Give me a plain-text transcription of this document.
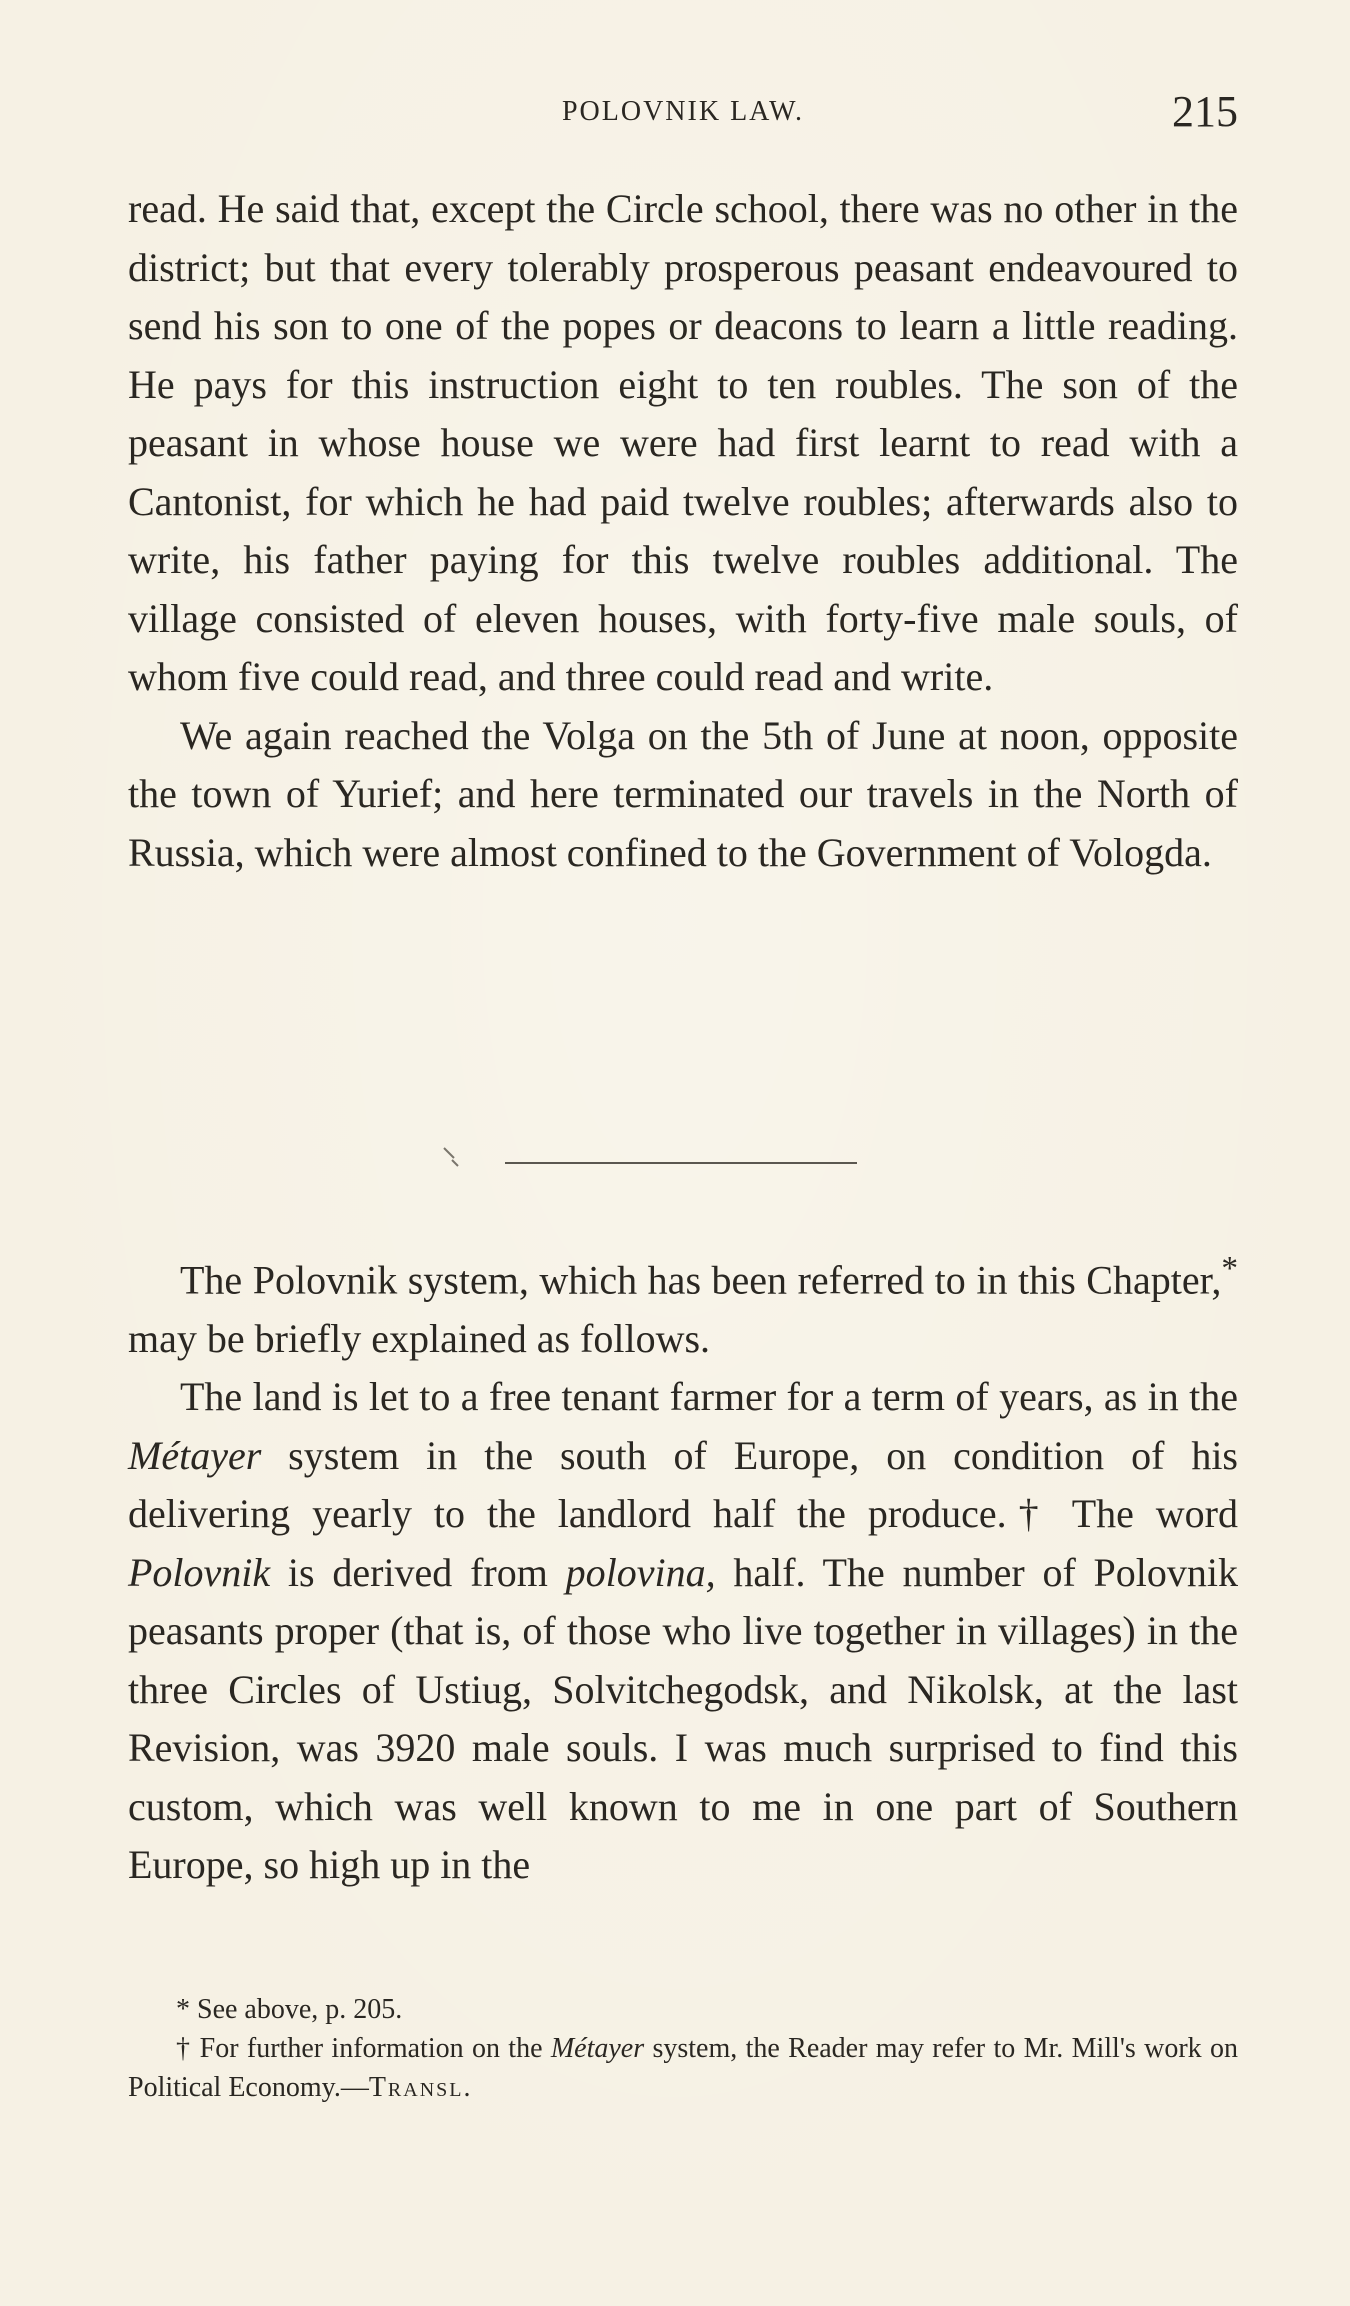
POLOVNIK LAW.	215

read. He said that, except the Circle school, there was no other in the district; but that every tolerably prosperous peasant endeavoured to send his son to one of the popes or deacons to learn a little reading. He pays for this instruction eight to ten roubles. The son of the peasant in whose house we were had first learnt to read with a Cantonist, for which he had paid twelve roubles; afterwards also to write, his father paying for this twelve roubles additional. The village consisted of eleven houses, with forty-five male souls, of whom five could read, and three could read and write.

We again reached the Volga on the 5th of June at noon, opposite the town of Yurief; and here terminated our travels in the North of Russia, which were almost confined to the Government of Vologda.

The Polovnik system, which has been referred to in this Chapter,* may be briefly explained as follows.

The land is let to a free tenant farmer for a term of years, as in the Métayer system in the south of Europe, on condition of his delivering yearly to the landlord half the produce.† The word Polovnik is derived from polovina, half. The number of Polovnik peasants proper (that is, of those who live together in villages) in the three Circles of Ustiug, Solvitchegodsk, and Nikolsk, at the last Revision, was 3920 male souls. I was much surprised to find this custom, which was well known to me in one part of Southern Europe, so high up in the

* See above, p. 205.

† For further information on the Métayer system, the Reader may refer to Mr. Mill's work on Political Economy.—Transl.
